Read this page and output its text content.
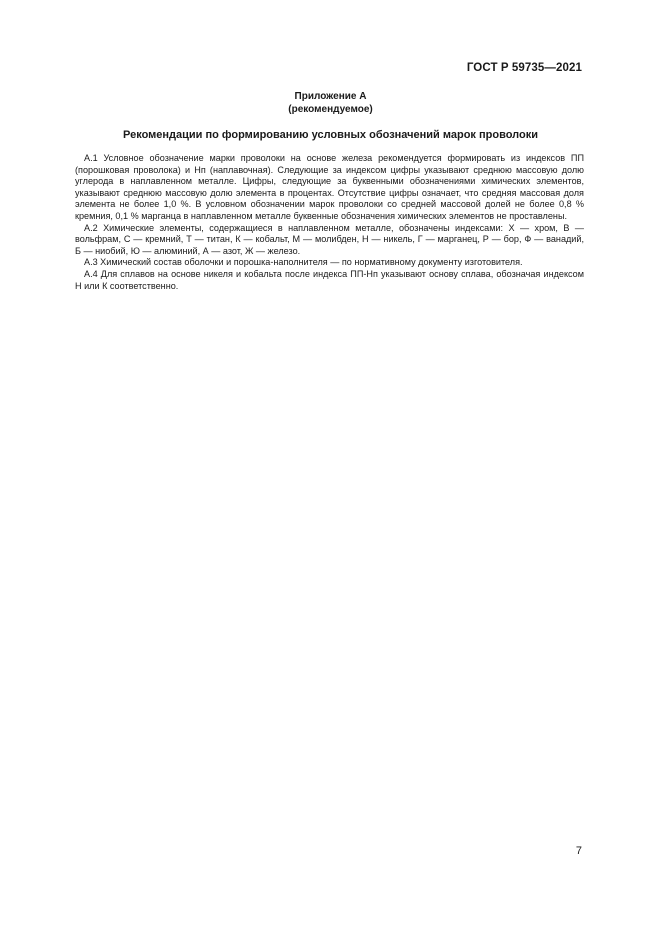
ГОСТ Р 59735—2021
Приложение А
(рекомендуемое)
Рекомендации по формированию условных обозначений марок проволоки

А.1 Условное обозначение марки проволоки на основе железа рекомендуется формировать из индексов ПП (порошковая проволока) и Нп (наплавочная). Следующие за индексом цифры указывают среднюю массовую долю углерода в наплавленном металле. Цифры, следующие за буквенными обозначениями химических элементов, указывают среднюю массовую долю элемента в процентах. Отсутствие цифры означает, что средняя массовая доля элемента не более 1,0 %. В условном обозначении марок проволоки со средней массовой долей не более 0,8 % кремния, 0,1 % марганца в наплавленном металле буквенные обозначения химических элементов не проставлены.

А.2 Химические элементы, содержащиеся в наплавленном металле, обозначены индексами: Х — хром, В — вольфрам, С — кремний, Т — титан, К — кобальт, М — молибден, Н — никель, Г — марганец, Р — бор, Ф — ванадий, Б — ниобий, Ю — алюминий, А — азот, Ж — железо.

А.3 Химический состав оболочки и порошка-наполнителя — по нормативному документу изготовителя.

А.4 Для сплавов на основе никеля и кобальта после индекса ПП-Нп указывают основу сплава, обозначая индексом Н или К соответственно.

7
